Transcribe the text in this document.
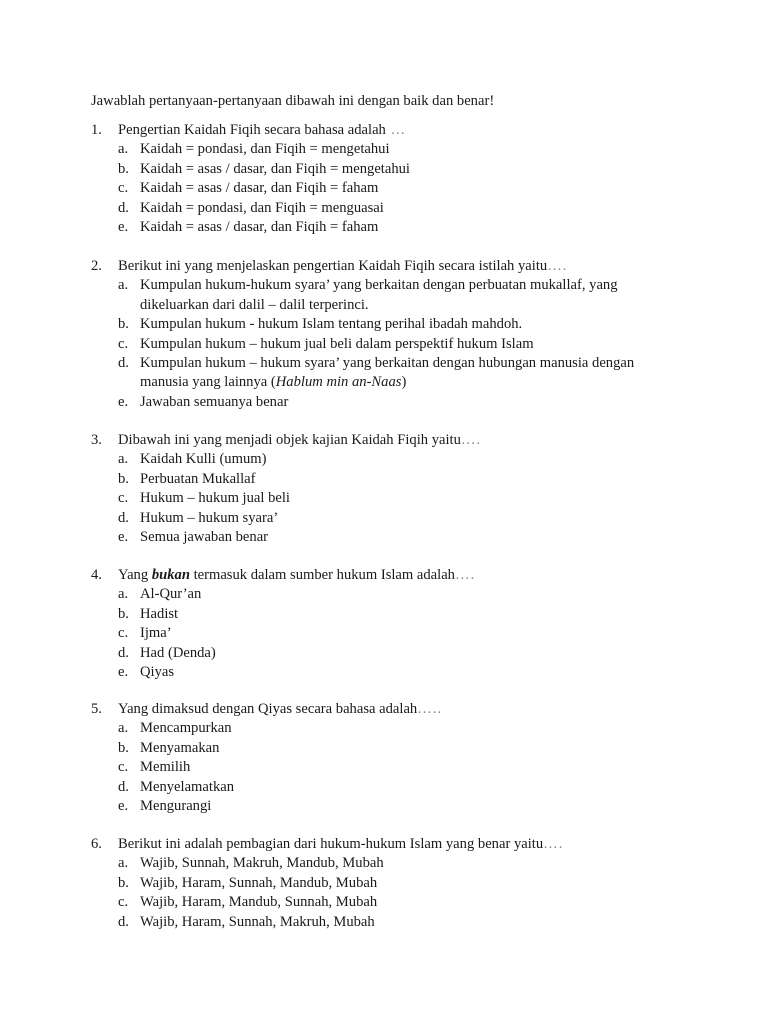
Jawablah pertanyaan-pertanyaan dibawah ini dengan baik dan benar!
1. Pengertian Kaidah Fiqih secara bahasa adalah …
a. Kaidah = pondasi, dan Fiqih = mengetahui
b. Kaidah = asas / dasar, dan Fiqih = mengetahui
c. Kaidah = asas / dasar, dan Fiqih = faham
d. Kaidah = pondasi, dan Fiqih = menguasai
e. Kaidah = asas / dasar, dan Fiqih = faham
2. Berikut ini yang menjelaskan pengertian Kaidah Fiqih secara istilah yaitu….
a. Kumpulan hukum-hukum syara’ yang berkaitan dengan perbuatan mukallaf, yang dikeluarkan dari dalil – dalil terperinci.
b. Kumpulan hukum - hukum Islam tentang perihal ibadah mahdoh.
c. Kumpulan hukum – hukum jual beli dalam perspektif hukum Islam
d. Kumpulan hukum – hukum syara’ yang berkaitan dengan hubungan manusia dengan manusia yang lainnya (Hablum min an-Naas)
e. Jawaban semuanya benar
3. Dibawah ini yang menjadi objek kajian Kaidah Fiqih yaitu….
a. Kaidah Kulli (umum)
b. Perbuatan Mukallaf
c. Hukum – hukum jual beli
d. Hukum – hukum syara’
e. Semua jawaban benar
4. Yang bukan termasuk dalam sumber hukum Islam adalah….
a. Al-Qur’an
b. Hadist
c. Ijma’
d. Had (Denda)
e. Qiyas
5. Yang dimaksud dengan Qiyas secara bahasa adalah…..
a. Mencampurkan
b. Menyamakan
c. Memilih
d. Menyelamatkan
e. Mengurangi
6. Berikut ini adalah pembagian dari hukum-hukum Islam yang benar yaitu….
a. Wajib, Sunnah, Makruh, Mandub, Mubah
b. Wajib, Haram, Sunnah, Mandub, Mubah
c. Wajib, Haram, Mandub, Sunnah, Mubah
d. Wajib, Haram, Sunnah, Makruh, Mubah
